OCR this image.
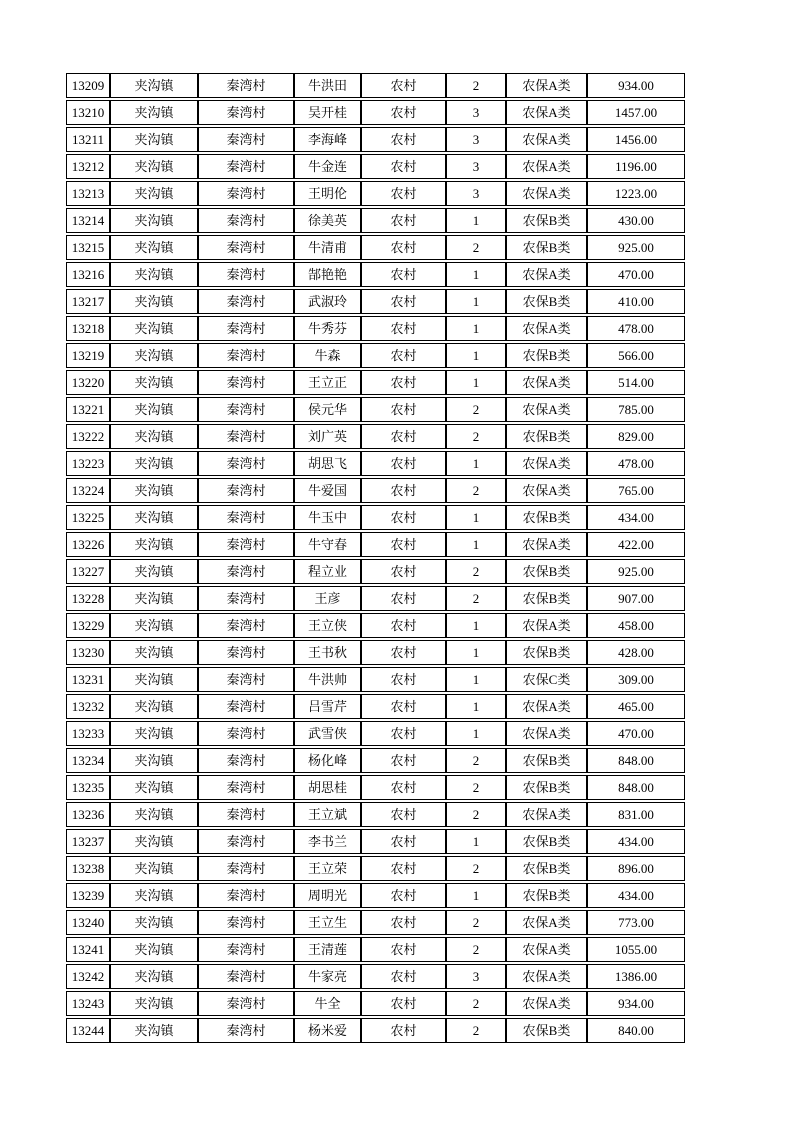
13209	夹沟镇	秦湾村	牛洪田	农村	2	农保A类	934.00
13210	夹沟镇	秦湾村	吴开桂	农村	3	农保A类	1457.00
13211	夹沟镇	秦湾村	李海峰	农村	3	农保A类	1456.00
13212	夹沟镇	秦湾村	牛金连	农村	3	农保A类	1196.00
13213	夹沟镇	秦湾村	王明伦	农村	3	农保A类	1223.00
13214	夹沟镇	秦湾村	徐美英	农村	1	农保B类	430.00
13215	夹沟镇	秦湾村	牛清甫	农村	2	农保B类	925.00
13216	夹沟镇	秦湾村	郜艳艳	农村	1	农保A类	470.00
13217	夹沟镇	秦湾村	武淑玲	农村	1	农保B类	410.00
13218	夹沟镇	秦湾村	牛秀芬	农村	1	农保A类	478.00
13219	夹沟镇	秦湾村	牛森	农村	1	农保B类	566.00
13220	夹沟镇	秦湾村	王立正	农村	1	农保A类	514.00
13221	夹沟镇	秦湾村	侯元华	农村	2	农保A类	785.00
13222	夹沟镇	秦湾村	刘广英	农村	2	农保B类	829.00
13223	夹沟镇	秦湾村	胡思飞	农村	1	农保A类	478.00
13224	夹沟镇	秦湾村	牛爱国	农村	2	农保A类	765.00
13225	夹沟镇	秦湾村	牛玉中	农村	1	农保B类	434.00
13226	夹沟镇	秦湾村	牛守春	农村	1	农保A类	422.00
13227	夹沟镇	秦湾村	程立业	农村	2	农保B类	925.00
13228	夹沟镇	秦湾村	王彦	农村	2	农保B类	907.00
13229	夹沟镇	秦湾村	王立侠	农村	1	农保A类	458.00
13230	夹沟镇	秦湾村	王书秋	农村	1	农保B类	428.00
13231	夹沟镇	秦湾村	牛洪帅	农村	1	农保C类	309.00
13232	夹沟镇	秦湾村	吕雪芹	农村	1	农保A类	465.00
13233	夹沟镇	秦湾村	武雪侠	农村	1	农保A类	470.00
13234	夹沟镇	秦湾村	杨化峰	农村	2	农保B类	848.00
13235	夹沟镇	秦湾村	胡思桂	农村	2	农保B类	848.00
13236	夹沟镇	秦湾村	王立斌	农村	2	农保A类	831.00
13237	夹沟镇	秦湾村	李书兰	农村	1	农保B类	434.00
13238	夹沟镇	秦湾村	王立荣	农村	2	农保B类	896.00
13239	夹沟镇	秦湾村	周明光	农村	1	农保B类	434.00
13240	夹沟镇	秦湾村	王立生	农村	2	农保A类	773.00
13241	夹沟镇	秦湾村	王清莲	农村	2	农保A类	1055.00
13242	夹沟镇	秦湾村	牛家亮	农村	3	农保A类	1386.00
13243	夹沟镇	秦湾村	牛全	农村	2	农保A类	934.00
13244	夹沟镇	秦湾村	杨米爱	农村	2	农保B类	840.00
